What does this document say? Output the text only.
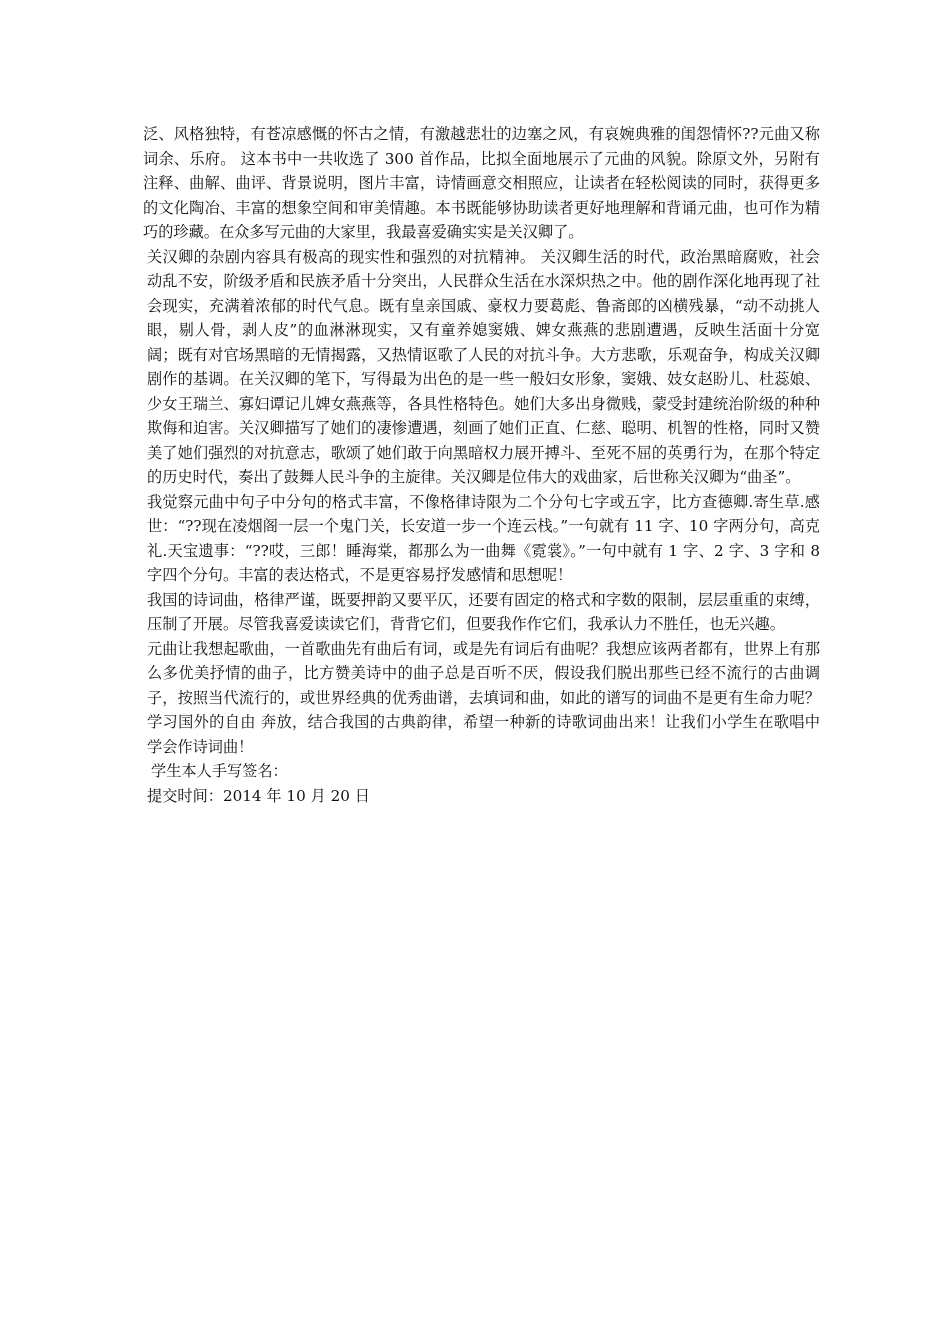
泛、风格独特，有苍凉感慨的怀古之情，有激越悲壮的边塞之风，有哀婉典雅的闺怨情怀??元曲又称词余、乐府。 这本书中一共收选了 300 首作品，比拟全面地展示了元曲的风貌。除原文外，另附有注释、曲解、曲评、背景说明，图片丰富，诗情画意交相照应，让读者在轻松阅读的同时，获得更多的文化陶冶、丰富的想象空间和审美情趣。本书既能够协助读者更好地理解和背诵元曲，也可作为精巧的珍藏。在众多写元曲的大家里，我最喜爱确实实是关汉卿了。

关汉卿的杂剧内容具有极高的现实性和强烈的对抗精神。 关汉卿生活的时代，政治黑暗腐败，社会动乱不安，阶级矛盾和民族矛盾十分突出，人民群众生活在水深炽热之中。他的剧作深化地再现了社会现实，充满着浓郁的时代气息。既有皇亲国戚、豪权力要葛彪、鲁斋郎的凶横残暴，“动不动挑人眼，剔人骨，剥人皮”的血淋淋现实，又有童养媳窦娥、婢女燕燕的悲剧遭遇，反映生活面十分宽阔；既有对官场黑暗的无情揭露，又热情讴歌了人民的对抗斗争。大方悲歌，乐观奋争，构成关汉卿剧作的基调。在关汉卿的笔下，写得最为出色的是一些一般妇女形象，窦娥、妓女赵盼儿、杜蕊娘、少女王瑞兰、寡妇谭记儿婢女燕燕等，各具性格特色。她们大多出身微贱，蒙受封建统治阶级的种种欺侮和迫害。关汉卿描写了她们的凄惨遭遇，刻画了她们正直、仁慈、聪明、机智的性格，同时又赞美了她们强烈的对抗意志，歌颂了她们敢于向黑暗权力展开搏斗、至死不屈的英勇行为，在那个特定的历史时代，奏出了鼓舞人民斗争的主旋律。关汉卿是位伟大的戏曲家，后世称关汉卿为“曲圣”。

我觉察元曲中句子中分句的格式丰富，不像格律诗限为二个分句七字或五字，比方查德卿.寄生草.感世：“??现在凌烟阁一层一个鬼门关，长安道一步一个连云栈。”一句就有 11 字、10 字两分句，高克礼.天宝遗事：“??哎，三郎！睡海棠，都那么为一曲舞《霓裳》。”一句中就有 1 字、2 字、3 字和 8 字四个分句。丰富的表达格式，不是更容易抒发感情和思想呢！

我国的诗词曲，格律严谨，既要押韵又要平仄，还要有固定的格式和字数的限制，层层重重的束缚，压制了开展。尽管我喜爱读读它们，背背它们，但要我作作它们，我承认力不胜任，也无兴趣。

元曲让我想起歌曲，一首歌曲先有曲后有词，或是先有词后有曲呢？我想应该两者都有，世界上有那么多优美抒情的曲子，比方赞美诗中的曲子总是百听不厌，假设我们脱出那些已经不流行的古曲调子，按照当代流行的，或世界经典的优秀曲谱，去填词和曲，如此的谱写的词曲不是更有生命力呢？学习国外的自由 奔放，结合我国的古典韵律，希望一种新的诗歌词曲出来！让我们小学生在歌唱中学会作诗词曲！

学生本人手写签名：

提交时间：2014 年 10 月 20 日
